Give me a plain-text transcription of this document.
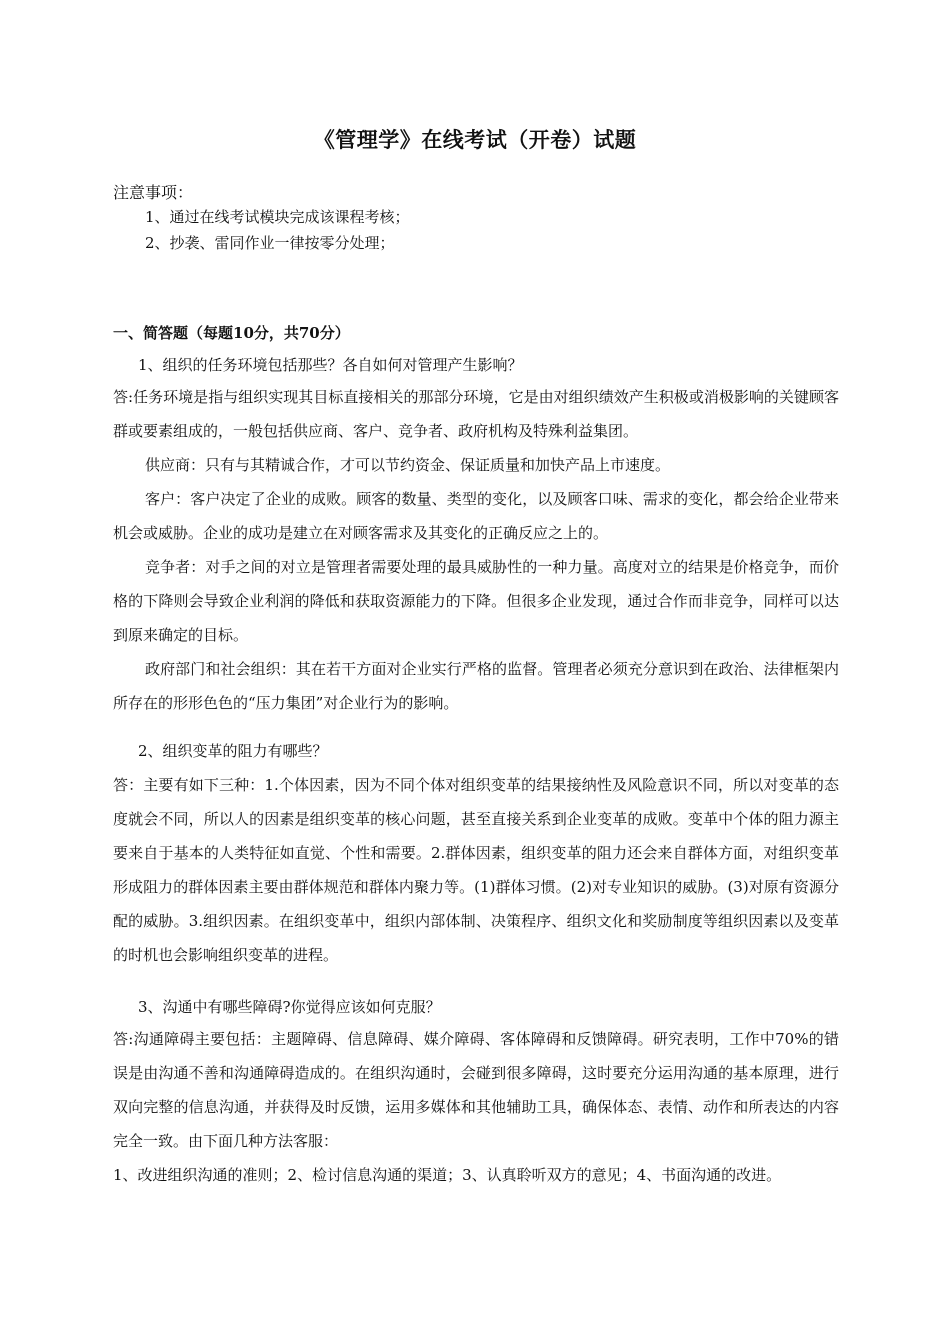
《管理学》在线考试（开卷）试题
注意事项：
1、通过在线考试模块完成该课程考核；
2、抄袭、雷同作业一律按零分处理；
一、简答题（每题10分，共70分）
1、组织的任务环境包括那些？各自如何对管理产生影响？

答:任务环境是指与组织实现其目标直接相关的那部分环境，它是由对组织绩效产生积极或消极影响的关键顾客群或要素组成的，一般包括供应商、客户、竞争者、政府机构及特殊利益集团。

供应商：只有与其精诚合作，才可以节约资金、保证质量和加快产品上市速度。

客户：客户决定了企业的成败。顾客的数量、类型的变化，以及顾客口味、需求的变化，都会给企业带来机会或威胁。企业的成功是建立在对顾客需求及其变化的正确反应之上的。

竞争者：对手之间的对立是管理者需要处理的最具威胁性的一种力量。高度对立的结果是价格竞争，而价格的下降则会导致企业利润的降低和获取资源能力的下降。但很多企业发现，通过合作而非竞争，同样可以达到原来确定的目标。

政府部门和社会组织：其在若干方面对企业实行严格的监督。管理者必须充分意识到在政治、法律框架内所存在的形形色色的“压力集团”对企业行为的影响。

2、组织变革的阻力有哪些？

答：主要有如下三种：1.个体因素，因为不同个体对组织变革的结果接纳性及风险意识不同，所以对变革的态度就会不同，所以人的因素是组织变革的核心问题，甚至直接关系到企业变革的成败。变革中个体的阻力源主要来自于基本的人类特征如直觉、个性和需要。2.群体因素，组织变革的阻力还会来自群体方面，对组织变革形成阻力的群体因素主要由群体规范和群体内聚力等。(1)群体习惯。(2)对专业知识的威胁。(3)对原有资源分配的威胁。3.组织因素。在组织变革中，组织内部体制、决策程序、组织文化和奖励制度等组织因素以及变革的时机也会影响组织变革的进程。

3、沟通中有哪些障碍?你觉得应该如何克服？

答:沟通障碍主要包括：主题障碍、信息障碍、媒介障碍、客体障碍和反馈障碍。研究表明，工作中70%的错误是由沟通不善和沟通障碍造成的。在组织沟通时，会碰到很多障碍，这时要充分运用沟通的基本原理，进行双向完整的信息沟通，并获得及时反馈，运用多媒体和其他辅助工具，确保体态、表情、动作和所表达的内容完全一致。由下面几种方法客服：

1、改进组织沟通的准则；2、检讨信息沟通的渠道；3、认真聆听双方的意见；4、书面沟通的改进。
